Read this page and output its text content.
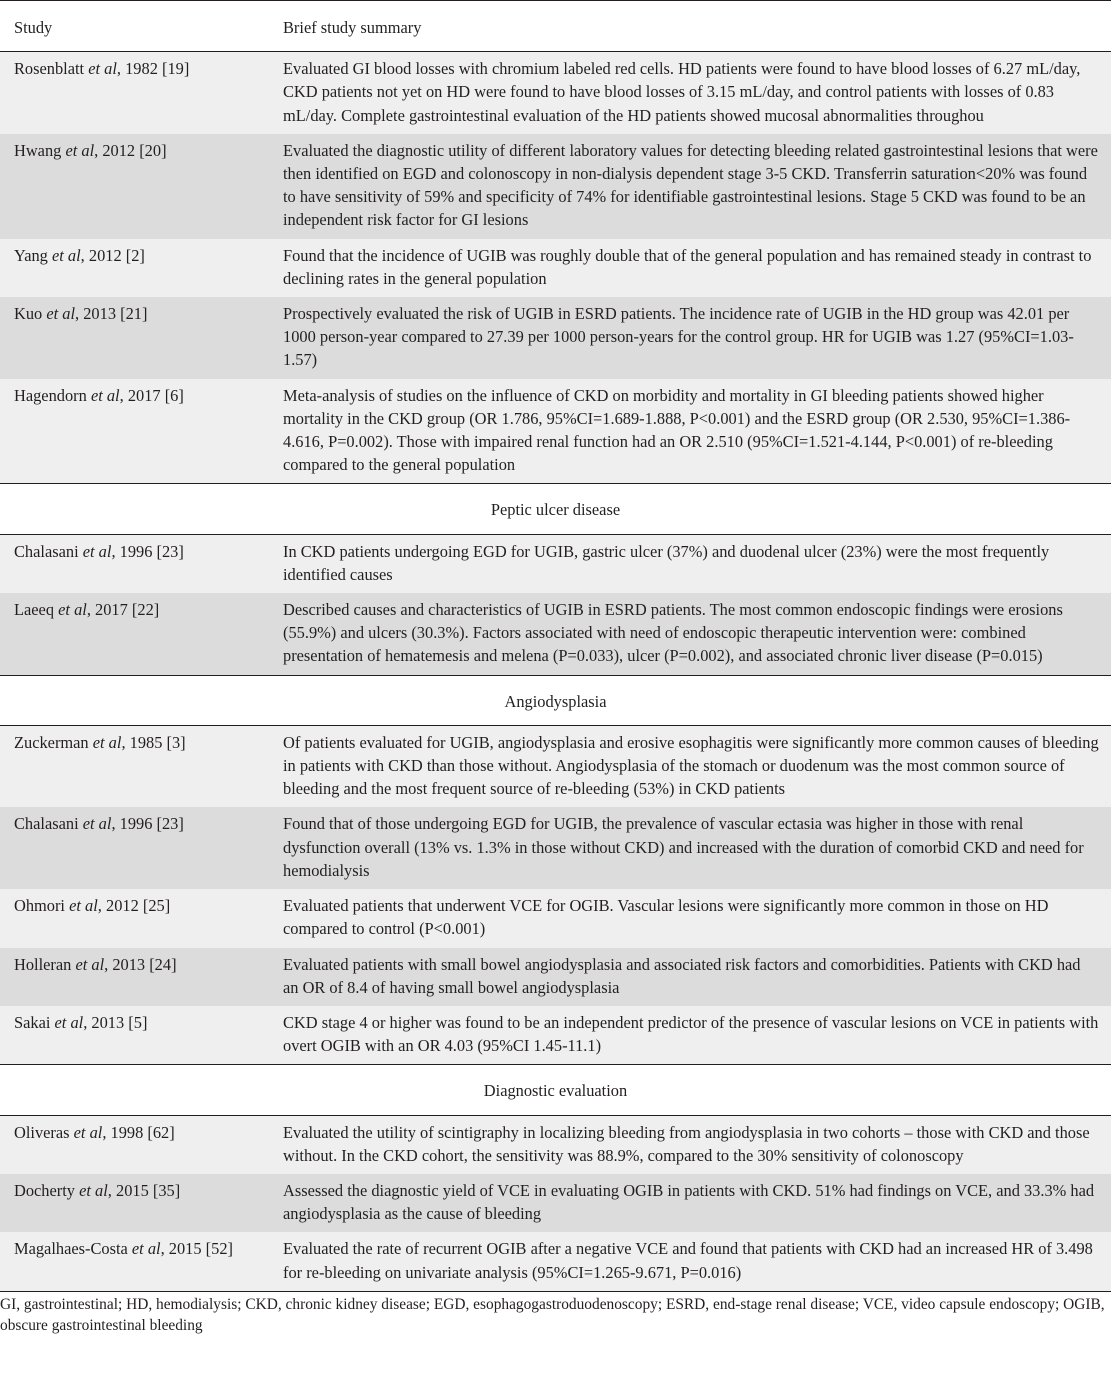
Study	Brief study summary
Rosenblatt et al, 1982 [19]	Evaluated GI blood losses with chromium labeled red cells. HD patients were found to have blood losses of 6.27 mL/day, CKD patients not yet on HD were found to have blood losses of 3.15 mL/day, and control patients with losses of 0.83 mL/day. Complete gastrointestinal evaluation of the HD patients showed mucosal abnormalities throughou
Hwang et al, 2012 [20]	Evaluated the diagnostic utility of different laboratory values for detecting bleeding related gastrointestinal lesions that were then identified on EGD and colonoscopy in non-dialysis dependent stage 3-5 CKD. Transferrin saturation<20% was found to have sensitivity of 59% and specificity of 74% for identifiable gastrointestinal lesions. Stage 5 CKD was found to be an independent risk factor for GI lesions
Yang et al, 2012 [2]	Found that the incidence of UGIB was roughly double that of the general population and has remained steady in contrast to declining rates in the general population
Kuo et al, 2013 [21]	Prospectively evaluated the risk of UGIB in ESRD patients. The incidence rate of UGIB in the HD group was 42.01 per 1000 person-year compared to 27.39 per 1000 person-years for the control group. HR for UGIB was 1.27 (95%CI=1.03-1.57)
Hagendorn et al, 2017 [6]	Meta-analysis of studies on the influence of CKD on morbidity and mortality in GI bleeding patients showed higher mortality in the CKD group (OR 1.786, 95%CI=1.689-1.888, P<0.001) and the ESRD group (OR 2.530, 95%CI=1.386-4.616, P=0.002). Those with impaired renal function had an OR 2.510 (95%CI=1.521-4.144, P<0.001) of re-bleeding compared to the general population
Peptic ulcer disease	
Chalasani et al, 1996 [23]	In CKD patients undergoing EGD for UGIB, gastric ulcer (37%) and duodenal ulcer (23%) were the most frequently identified causes
Laeeq et al, 2017 [22]	Described causes and characteristics of UGIB in ESRD patients. The most common endoscopic findings were erosions (55.9%) and ulcers (30.3%). Factors associated with need of endoscopic therapeutic intervention were: combined presentation of hematemesis and melena (P=0.033), ulcer (P=0.002), and associated chronic liver disease (P=0.015)
Angiodysplasia	
Zuckerman et al, 1985 [3]	Of patients evaluated for UGIB, angiodysplasia and erosive esophagitis were significantly more common causes of bleeding in patients with CKD than those without. Angiodysplasia of the stomach or duodenum was the most common source of bleeding and the most frequent source of re-bleeding (53%) in CKD patients
Chalasani et al, 1996 [23]	Found that of those undergoing EGD for UGIB, the prevalence of vascular ectasia was higher in those with renal dysfunction overall (13% vs. 1.3% in those without CKD) and increased with the duration of comorbid CKD and need for hemodialysis
Ohmori et al, 2012 [25]	Evaluated patients that underwent VCE for OGIB. Vascular lesions were significantly more common in those on HD compared to control (P<0.001)
Holleran et al, 2013 [24]	Evaluated patients with small bowel angiodysplasia and associated risk factors and comorbidities. Patients with CKD had an OR of 8.4 of having small bowel angiodysplasia
Sakai et al, 2013 [5]	CKD stage 4 or higher was found to be an independent predictor of the presence of vascular lesions on VCE in patients with overt OGIB with an OR 4.03 (95%CI 1.45-11.1)
Diagnostic evaluation	
Oliveras et al, 1998 [62]	Evaluated the utility of scintigraphy in localizing bleeding from angiodysplasia in two cohorts – those with CKD and those without. In the CKD cohort, the sensitivity was 88.9%, compared to the 30% sensitivity of colonoscopy
Docherty et al, 2015 [35]	Assessed the diagnostic yield of VCE in evaluating OGIB in patients with CKD. 51% had findings on VCE, and 33.3% had angiodysplasia as the cause of bleeding
Magalhaes-Costa et al, 2015 [52]	Evaluated the rate of recurrent OGIB after a negative VCE and found that patients with CKD had an increased HR of 3.498 for re-bleeding on univariate analysis (95%CI=1.265-9.671, P=0.016)
GI, gastrointestinal; HD, hemodialysis; CKD, chronic kidney disease; EGD, esophagogastroduodenoscopy; ESRD, end-stage renal disease; VCE, video capsule endoscopy; OGIB, obscure gastrointestinal bleeding
